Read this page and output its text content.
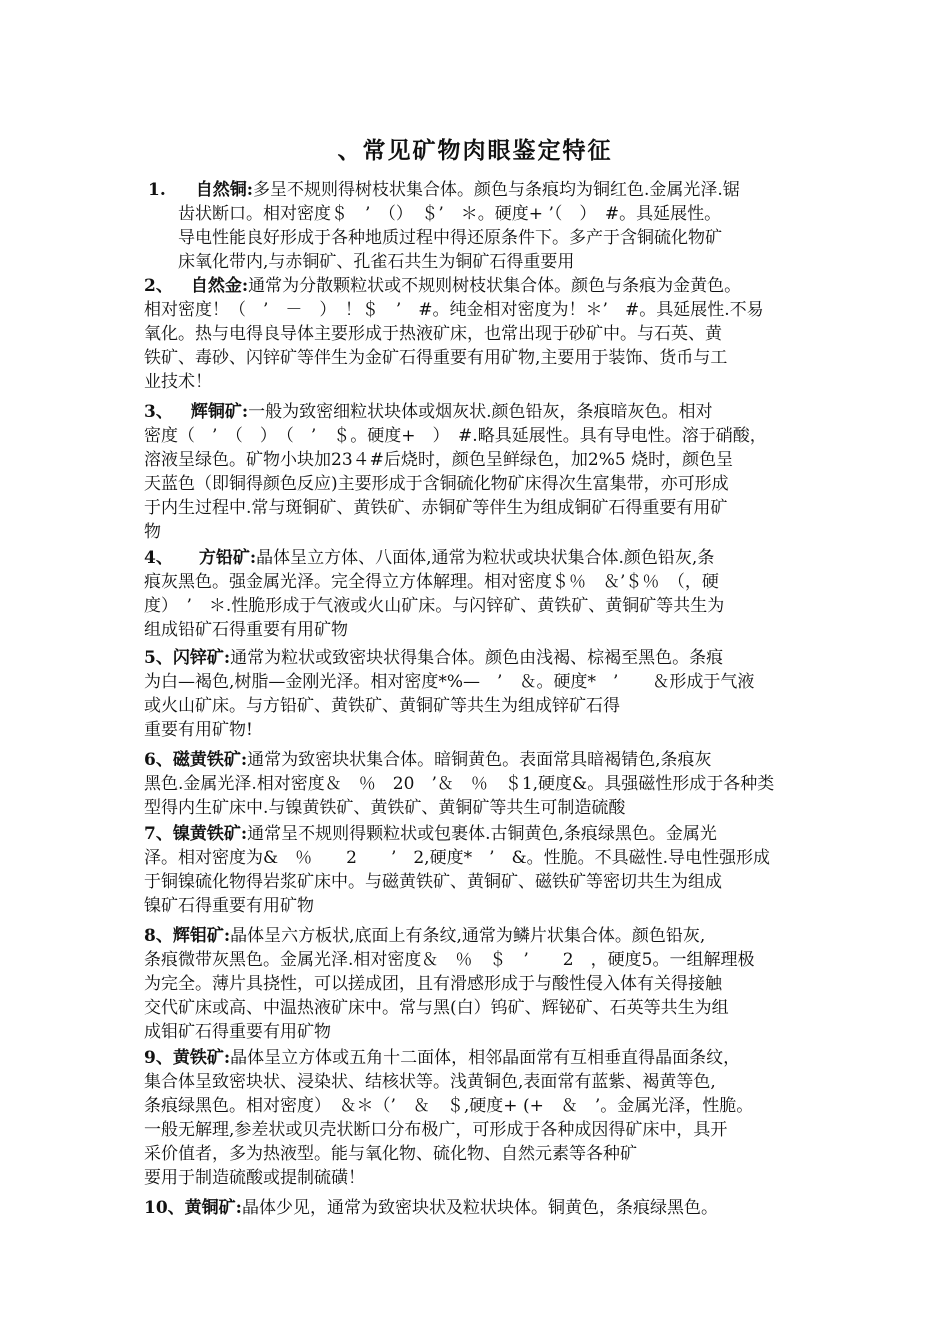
、常见矿物肉眼鉴定特征
1. 自然铜:多呈不规则得树枝状集合体。颜色与条痕均为铜红色.金属光泽.锯
齿状断口。相对密度＄　’　（）　＄’　＊。硬度+ ’（　）　#。具延展性。
导电性能良好形成于各种地质过程中得还原条件下。多产于含铜硫化物矿
床氧化带内,与赤铜矿、孔雀石共生为铜矿石得重要用
2、 自然金:通常为分散颗粒状或不规则树枝状集合体。颜色与条痕为金黄色。
相对密度！（　’　－　）　！＄　’　#。纯金相对密度为！＊’　#。具延展性.不易
氧化。热与电得良导体主要形成于热液矿床，也常出现于砂矿中。与石英、黄
铁矿、毒砂、闪锌矿等伴生为金矿石得重要有用矿物,主要用于装饰、货币与工
业技术！
3、 辉铜矿:一般为致密细粒状块体或烟灰状.颜色铅灰，条痕暗灰色。相对
密度（　’　（　）　（　’　＄。硬度+　）　#.略具延展性。具有导电性。溶于硝酸，
溶液呈绿色。矿物小块加23４#后烧时，颜色呈鲜绿色，加2%5 烧时，颜色呈
天蓝色（即铜得颜色反应)主要形成于含铜硫化物矿床得次生富集带，亦可形成
于内生过程中.常与斑铜矿、黄铁矿、赤铜矿等伴生为组成铜矿石得重要有用矿
物
4、 方铅矿:晶体呈立方体、八面体,通常为粒状或块状集合体.颜色铅灰,条
痕灰黑色。强金属光泽。完全得立方体解理。相对密度＄％　＆’＄％　（，硬
度）　’　＊.性脆形成于气液或火山矿床。与闪锌矿、黄铁矿、黄铜矿等共生为
组成铅矿石得重要有用矿物
5、闪锌矿:通常为粒状或致密块状得集合体。颜色由浅褐、棕褐至黑色。条痕
为白—褐色,树脂—金刚光泽。相对密度*%—　’　＆。硬度*　’　　＆形成于气液
或火山矿床。与方铅矿、黄铁矿、黄铜矿等共生为组成锌矿石得
重要有用矿物!
6、磁黄铁矿:通常为致密块状集合体。暗铜黄色。表面常具暗褐锖色,条痕灰
黑色.金属光泽.相对密度＆　％　20　’＆　％　＄1,硬度&。具强磁性形成于各种类
型得内生矿床中.与镍黄铁矿、黄铁矿、黄铜矿等共生可制造硫酸
7、镍黄铁矿:通常呈不规则得颗粒状或包裹体.古铜黄色,条痕绿黑色。金属光
泽。相对密度为&　％　　2　　’　2,硬度*　’　&。性脆。不具磁性.导电性强形成
于铜镍硫化物得岩浆矿床中。与磁黄铁矿、黄铜矿、磁铁矿等密切共生为组成
镍矿石得重要有用矿物
8、辉钼矿:晶体呈六方板状,底面上有条纹,通常为鳞片状集合体。颜色铅灰,
条痕微带灰黑色。金属光泽.相对密度＆　％　＄　’　　2　，硬度5。一组解理极
为完全。薄片具挠性，可以搓成团，且有滑感形成于与酸性侵入体有关得接触
交代矿床或高、中温热液矿床中。常与黑(白）钨矿、辉铋矿、石英等共生为组
成钼矿石得重要有用矿物
9、黄铁矿:晶体呈立方体或五角十二面体，相邻晶面常有互相垂直得晶面条纹，
集合体呈致密块状、浸染状、结核状等。浅黄铜色,表面常有蓝紫、褐黄等色,
条痕绿黑色。相对密度）　＆＊（’　＆　＄,硬度+ (+　＆　’。金属光泽，性脆。
一般无解理,参差状或贝壳状断口分布极广，可形成于各种成因得矿床中，具开
采价值者，多为热液型。能与氧化物、硫化物、自然元素等各种矿
要用于制造硫酸或提制硫磺！
10、黄铜矿:晶体少见，通常为致密块状及粒状块体。铜黄色，条痕绿黑色。
